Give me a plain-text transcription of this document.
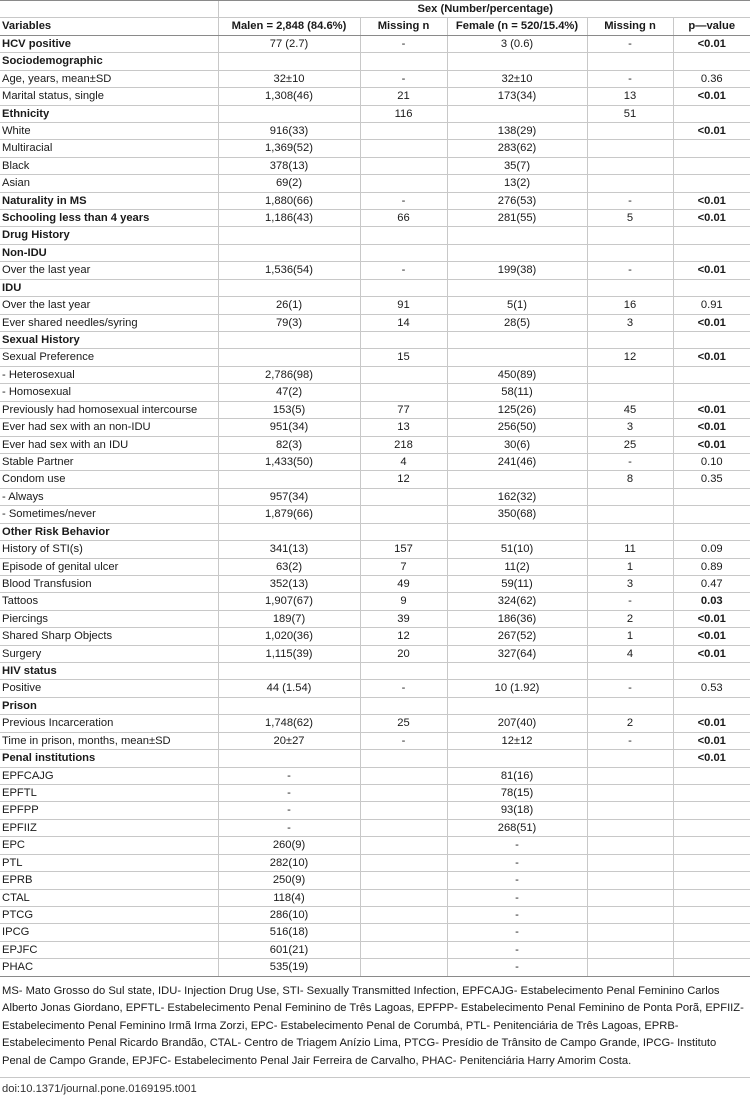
	Sex (Number/percentage)				
Variables	Malen = 2,848 (84.6%)	Missing n	Female (n = 520/15.4%)	Missing n	p—value
HCV positive	77 (2.7)	-	3 (0.6)	-	<0.01
Sociodemographic					
Age, years, mean±SD	32±10	-	32±10	-	0.36
Marital status, single	1,308(46)	21	173(34)	13	<0.01
Ethnicity		116		51	
White	916(33)		138(29)		<0.01
Multiracial	1,369(52)		283(62)		
Black	378(13)		35(7)		
Asian	69(2)		13(2)		
Naturality in MS	1,880(66)	-	276(53)	-	<0.01
Schooling less than 4 years	1,186(43)	66	281(55)	5	<0.01
Drug History					
Non-IDU					
Over the last year	1,536(54)	-	199(38)	-	<0.01
IDU					
Over the last year	26(1)	91	5(1)	16	0.91
Ever shared needles/syring	79(3)	14	28(5)	3	<0.01
Sexual History					
Sexual Preference		15		12	<0.01
- Heterosexual	2,786(98)		450(89)		
- Homosexual	47(2)		58(11)		
Previously had homosexual intercourse	153(5)	77	125(26)	45	<0.01
Ever had sex with an non-IDU	951(34)	13	256(50)	3	<0.01
Ever had sex with an IDU	82(3)	218	30(6)	25	<0.01
Stable Partner	1,433(50)	4	241(46)	-	0.10
Condom use		12		8	0.35
- Always	957(34)		162(32)		
- Sometimes/never	1,879(66)		350(68)		
Other Risk Behavior					
History of STI(s)	341(13)	157	51(10)	11	0.09
Episode of genital ulcer	63(2)	7	11(2)	1	0.89
Blood Transfusion	352(13)	49	59(11)	3	0.47
Tattoos	1,907(67)	9	324(62)	-	0.03
Piercings	189(7)	39	186(36)	2	<0.01
Shared Sharp Objects	1,020(36)	12	267(52)	1	<0.01
Surgery	1,115(39)	20	327(64)	4	<0.01
HIV status					
Positive	44 (1.54)	-	10 (1.92)	-	0.53
Prison					
Previous Incarceration	1,748(62)	25	207(40)	2	<0.01
Time in prison, months, mean±SD	20±27	-	12±12	-	<0.01
Penal institutions					<0.01
EPFCAJG	-		81(16)		
EPFTL	-		78(15)		
EPFPP	-		93(18)		
EPFIIZ	-		268(51)		
EPC	260(9)		-		
PTL	282(10)		-		
EPRB	250(9)		-		
CTAL	118(4)		-		
PTCG	286(10)		-		
IPCG	516(18)		-		
EPJFC	601(21)		-		
PHAC	535(19)		-		
MS- Mato Grosso do Sul state, IDU- Injection Drug Use, STI- Sexually Transmitted Infection, EPFCAJG- Estabelecimento Penal Feminino Carlos Alberto Jonas Giordano, EPFTL- Estabelecimento Penal Feminino de Três Lagoas, EPFPP- Estabelecimento Penal Feminino de Ponta Porã, EPFIIZ- Estabelecimento Penal Feminino Irmã Irma Zorzi, EPC- Estabelecimento Penal de Corumbá, PTL- Penitenciária de Três Lagoas, EPRB- Estabelecimento Penal Ricardo Brandão, CTAL- Centro de Triagem Anízio Lima, PTCG- Presídio de Trânsito de Campo Grande, IPCG- Instituto Penal de Campo Grande, EPJFC- Estabelecimento Penal Jair Ferreira de Carvalho, PHAC- Penitenciária Harry Amorim Costa.
doi:10.1371/journal.pone.0169195.t001
